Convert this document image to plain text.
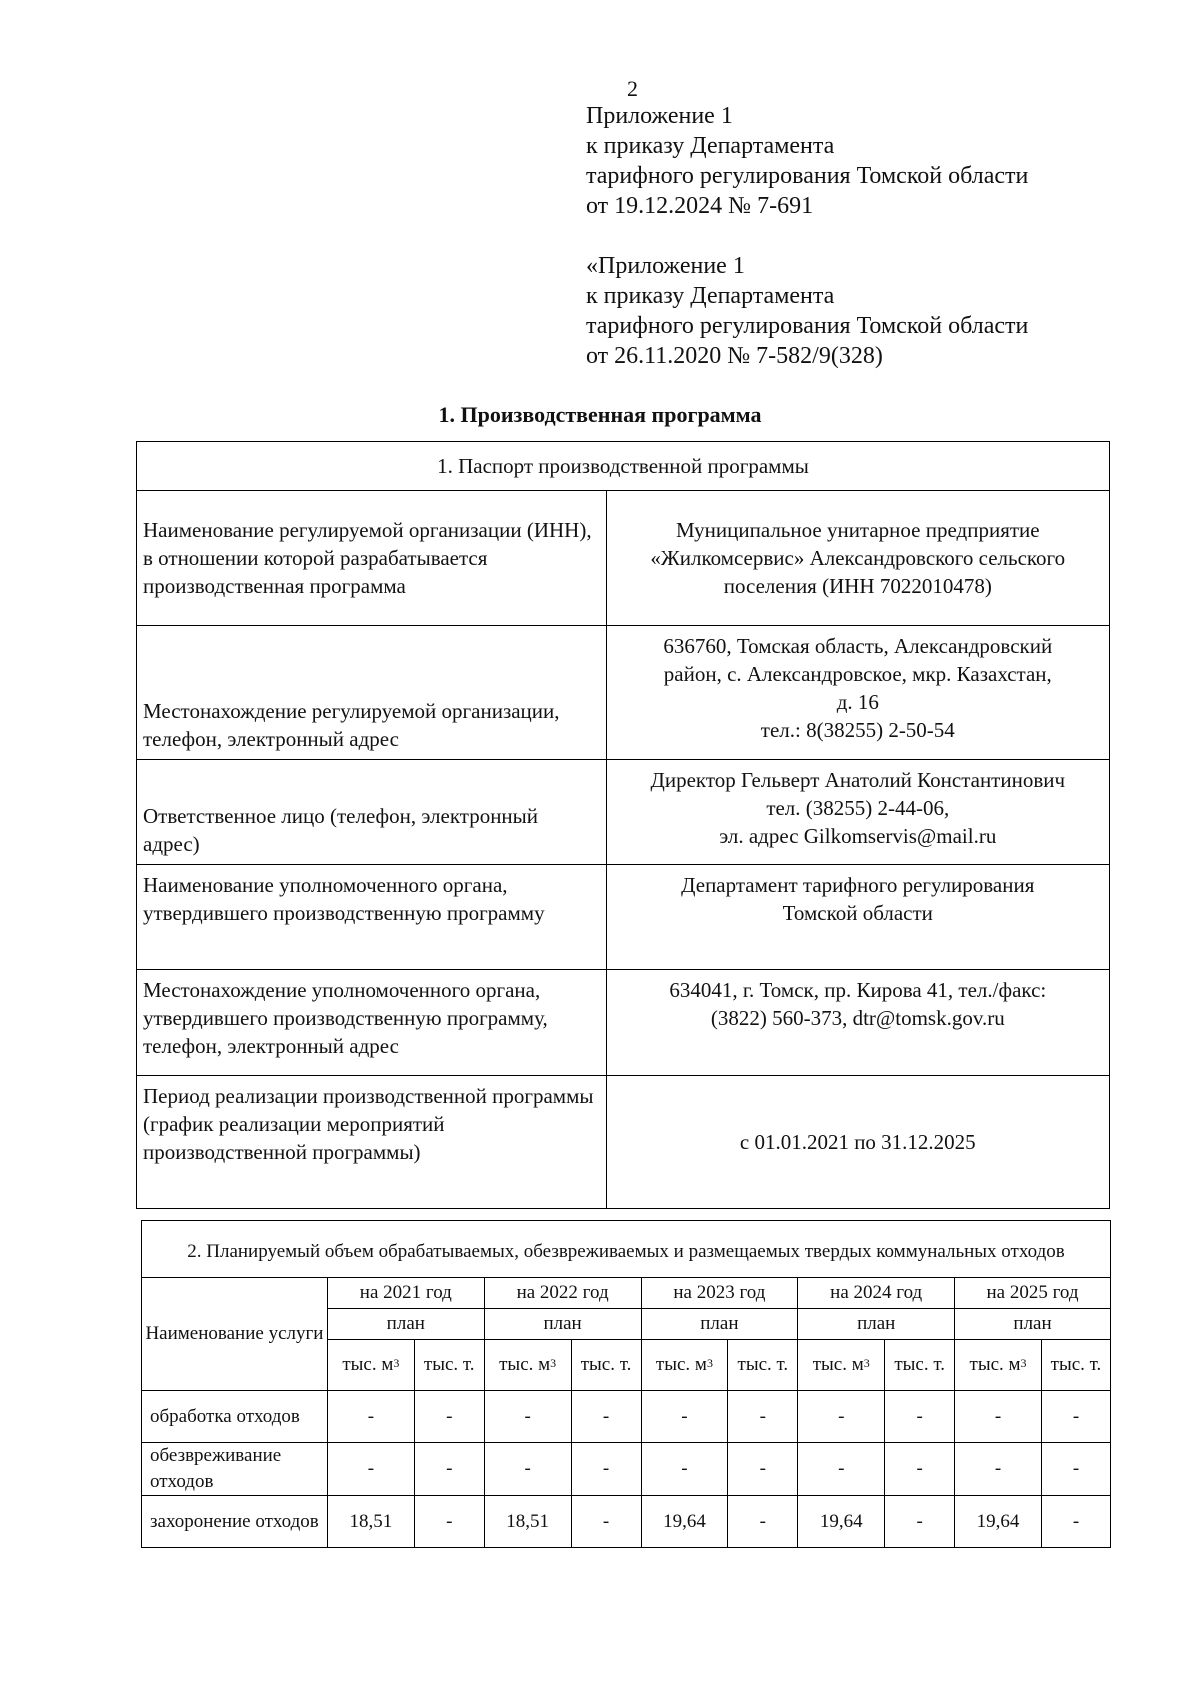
2
Приложение 1
к приказу Департамента
тарифного регулирования Томской области
от 19.12.2024 № 7-691
«Приложение 1
к приказу Департамента
тарифного регулирования Томской области
от 26.11.2020 № 7-582/9(328)
1. Производственная программа
1. Паспорт производственной программы	
Наименование регулируемой организации (ИНН), в отношении которой разрабатывается производственная программа	Муниципальное унитарное предприятие
«Жилкомсервис» Александровского сельского
поселения (ИНН 7022010478)

Местонахождение регулируемой организации, телефон, электронный адрес	636760, Томская область, Александровский
район, с. Александровское, мкр. Казахстан,
д. 16
тел.: 8(38255) 2-50-54

Ответственное лицо (телефон, электронный адрес)	Директор Гельверт Анатолий Константинович
тел. (38255) 2-44-06,
эл. адрес Gilkomservis@mail.ru

Наименование уполномоченного органа, утвердившего производственную программу	Департамент тарифного регулирования
Томской области

Местонахождение уполномоченного органа, утвердившего производственную программу, телефон, электронный адрес	634041, г. Томск, пр. Кирова 41, тел./факс:
(3822) 560-373, dtr@tomsk.gov.ru

Период реализации производственной программы (график реализации мероприятий производственной программы)	с 01.01.2021 по 31.12.2025
2. Планируемый объем обрабатываемых, обезвреживаемых и размещаемых твердых коммунальных отходов										
Наименование услуги	на 2021 год		на 2022 год		на 2023 год		на 2024 год		на 2025 год	
	план		план		план		план		план	
	тыс. $м^3$	тыс. т.	тыс. $м^3$	тыс. т.	тыс. $м^3$	тыс. т.	тыс. $м^3$	тыс. т.	тыс. $м^3$	тыс. т.
обработка отходов	-	-	-	-	-	-	-	-	-	-
обезвреживание отходов	-	-	-	-	-	-	-	-	-	-
захоронение отходов	18,51	-	18,51	-	19,64	-	19,64	-	19,64	-
